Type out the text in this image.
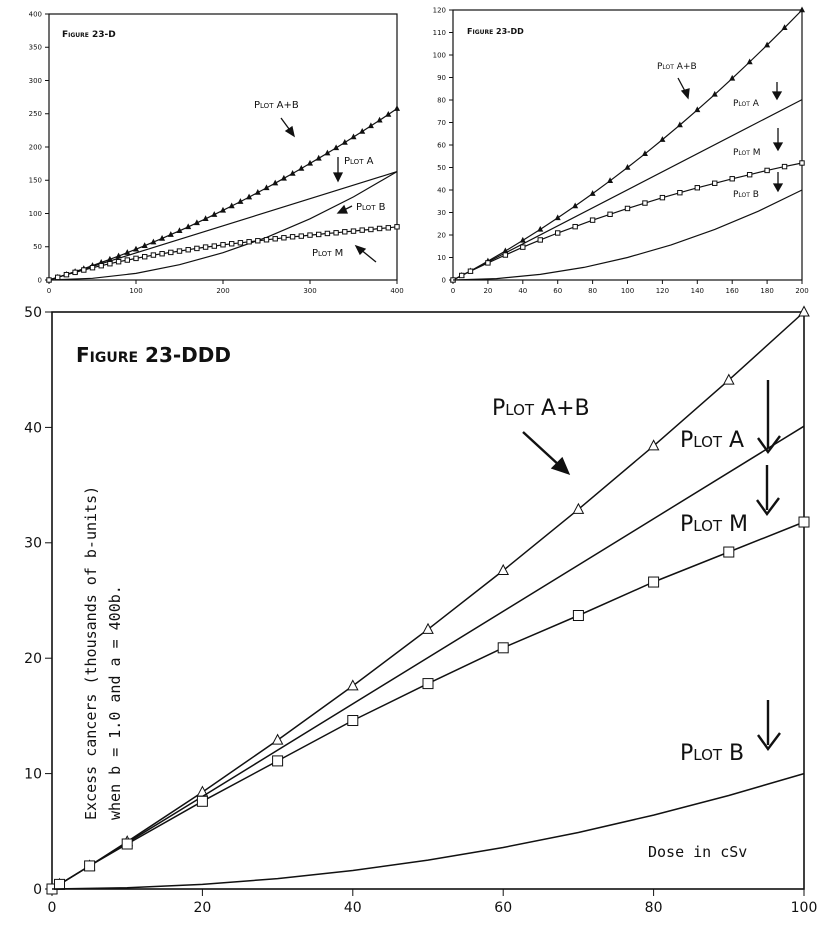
Figure 23-D
0	100	200	300	400
0
50
100
150
200
250
300
350
400
Plot A+B
Plot A
Plot B
Plot M
Figure 23-DD
0	20	40	60	80	100	120	140	160	180	200
0
10
20
30
40
50
60
70
80
90
100
110
120
Plot A+B
Plot A
Plot M
Plot B
Figure 23-DDD
0	20	40	60	80	100
0
10
20
30
40
50
Excess cancers (thousands of b-units) when b = 1.0 and a = 400b.
Dose in cSv
Plot A+B
Plot A
Plot M
Plot B
